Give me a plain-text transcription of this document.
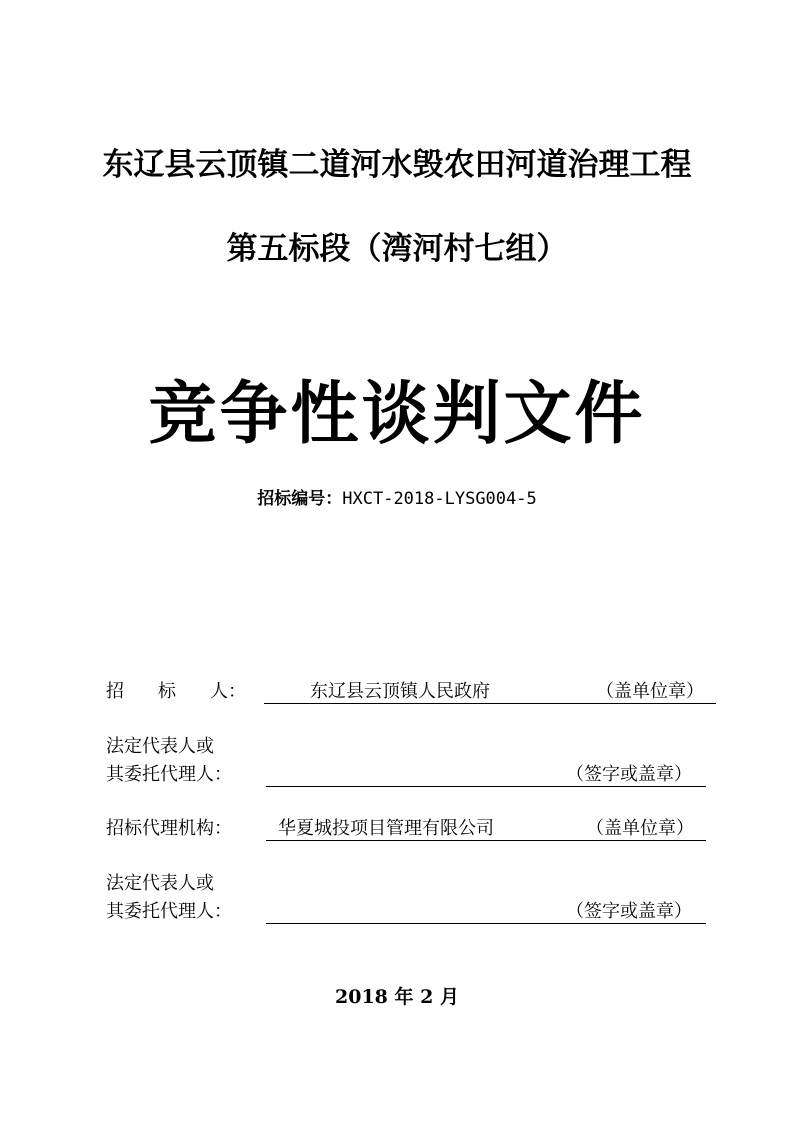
东辽县云顶镇二道河水毁农田河道治理工程
第五标段（湾河村七组）
竞争性谈判文件
招标编号：HXCT-2018-LYSG004-5
招 标 人：	东辽县云顶镇人民政府	（盖单位章）
法定代表人或
其委托代理人：	（签字或盖章）
招标代理机构：	华夏城投项目管理有限公司	（盖单位章）
法定代表人或
其委托代理人：	（签字或盖章）
2018 年 2 月
